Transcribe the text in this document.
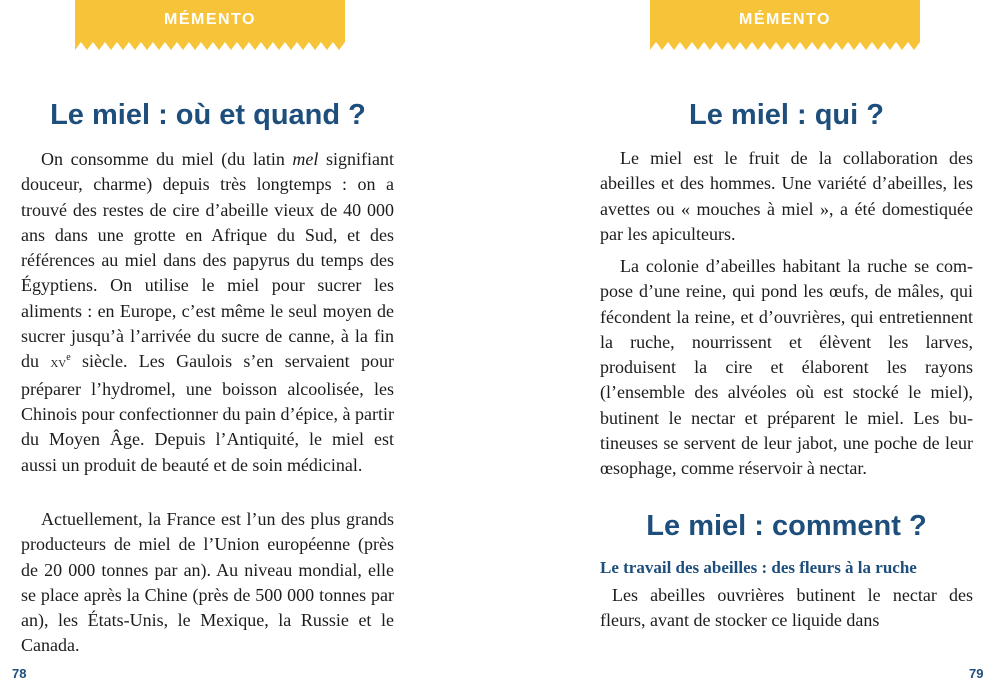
MÉMENTO
Le miel : où et quand ?

On consomme du miel (du latin mel signifiant douceur, charme) depuis très longtemps : on a trouvé des restes de cire d’abeille vieux de 40 000 ans dans une grotte en Afrique du Sud, et des références au miel dans des papyrus du temps des Égyptiens. On utilise le miel pour sucrer les aliments : en Europe, c’est même le seul moyen de sucrer jusqu’à l’arrivée du sucre de canne, à la fin du $xv^e$ siècle. Les Gaulois s’en servaient pour préparer l’hydromel, une boisson alcoolisée, les Chinois pour confectionner du pain d’épice, à partir du Moyen Âge. Depuis l’Antiquité, le miel est aussi un produit de beauté et de soin médicinal.

Actuellement, la France est l’un des plus grands producteurs de miel de l’Union européenne (près de 20 000 tonnes par an). Au niveau mondial, elle se place après la Chine (près de 500 000 tonnes par an), les États-Unis, le Mexique, la Russie et le Canada.

78
MÉMENTO
Le miel : qui ?

Le miel est le fruit de la collaboration des abeilles et des hommes. Une variété d’abeilles, les avettes ou « mouches à miel », a été domestiquée par les apiculteurs.

La colonie d’abeilles habitant la ruche se compose d’une reine, qui pond les œufs, de mâles, qui fécondent la reine, et d’ouvrières, qui entretiennent la ruche, nourrissent et élèvent les larves, produisent la cire et élaborent les rayons (l’ensemble des alvéoles où est stocké le miel), butinent le nectar et préparent le miel. Les butineuses se servent de leur jabot, une poche de leur œsophage, comme réservoir à nectar.

Le miel : comment ?
Le travail des abeilles : des fleurs à la ruche

Les abeilles ouvrières butinent le nectar des fleurs, avant de stocker ce liquide dans

79
